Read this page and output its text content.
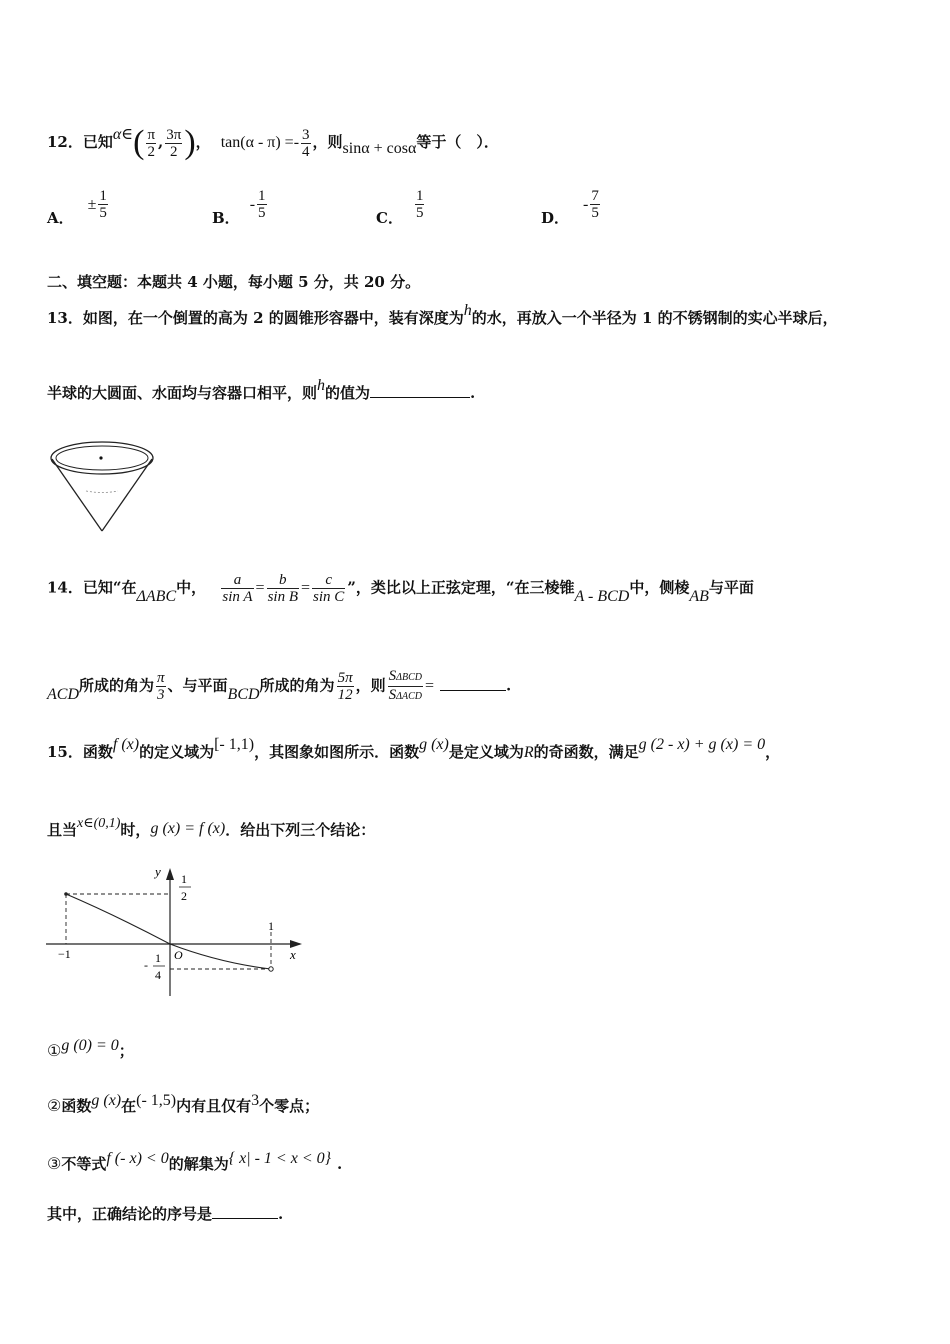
12．已知α∈( $\frac{\pi}{2}$ , $\frac{3\pi}{2}$ )， $\tan(\alpha - \pi) =- \frac{3}{4}$ ，则sinα + cosα等于（　）．
A．± $\frac{1}{5}$	B．- $\frac{1}{5}$	C． $\frac{1}{5}$	D．- $\frac{7}{5}$
二、填空题：本题共 4 小题，每小题 5 分，共 20 分。
13．如图，在一个倒置的高为 2 的圆锥形容器中，装有深度为h的水，再放入一个半径为 1 的不锈钢制的实心半球后，
半球的大圆面、水面均与容器口相平，则h的值为	.
14．已知“在ΔABC中， $\frac{a}{\text{sin A}} = \frac{b}{\text{sin B}} = \frac{c}{\text{sin C}}$ ”，类比以上正弦定理，“在三棱锥A - BCD中，侧棱AB与平面
ACD所成的角为 $\frac{\pi}{3}$ 、与平面BCD所成的角为 $\frac{5\pi}{12}$ ，则 $\frac{\text{SΔBCD}}{\text{SΔACD}}$ =	.
15．函数f (x)的定义域为[- 1,1)，其图象如图所示．函数g (x)是定义域为R的奇函数，满足g (2 - x) + g (x) = 0，
且当x∈(0,1)时，g (x) = f (x)．给出下列三个结论：
y
x
O
1
2
- 1
4
−1
1
①g (0) = 0；
②函数g (x)在(- 1,5)内有且仅有3个零点；
③不等式f (- x) < 0的解集为{ x| - 1 < x < 0} .
其中，正确结论的序号是	.
